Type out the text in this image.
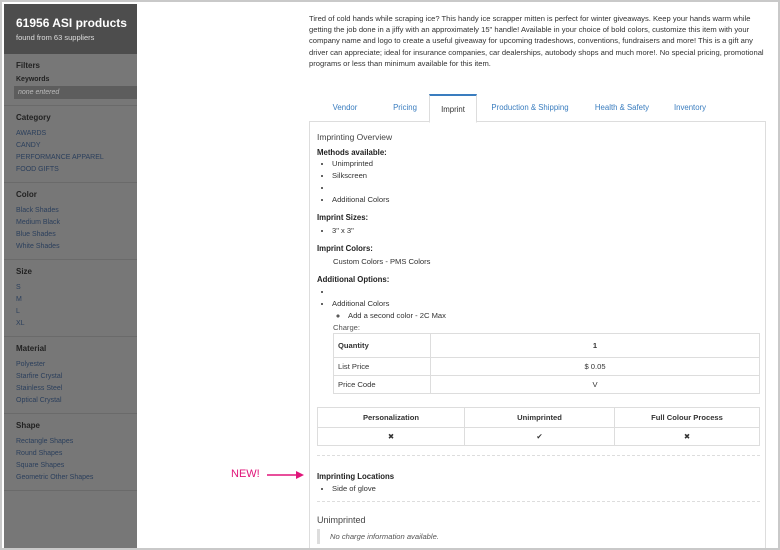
61956 ASI products
found from 63 suppliers
Filters
Keywords
none entered
Category
AWARDS
CANDY
PERFORMANCE APPAREL
FOOD GIFTS
Color
Black Shades
Medium Black
Blue Shades
White Shades
Size
S
M
L
XL
Material
Polyester
Starfire Crystal
Stainless Steel
Optical Crystal
Shape
Rectangle Shapes
Round Shapes
Square Shapes
Geometric Other Shapes
Tired of cold hands while scraping ice? This handy ice scrapper mitten is perfect for winter giveaways. Keep your hands warm while getting the job done in a jiffy with an approximately 15" handle! Available in your choice of bold colors, customize this item with your company name and logo to create a useful giveaway for upcoming tradeshows, conventions, fundraisers and more! This is a gift any driver can appreciate; ideal for insurance companies, car dealerships, autobody shops and much more!. No special pricing, promotional programs or less than minimum available for this item.
Vendor	Pricing	Imprint	Production & Shipping	Health & Safety	Inventory
Imprinting Overview
Methods available:
• Unimprinted
• Silkscreen
•
• Additional Colors
Imprint Sizes:
• 3" x 3"
Imprint Colors:
Custom Colors - PMS Colors
Additional Options:
•
• Additional Colors
◦ Add a second color - 2C Max
Charge:
Quantity	1
List Price	$ 0.05
Price Code	V
Personalization	Unimprinted	Full Colour Process
✖	✔	✖
Imprinting Locations
• Side of glove
Unimprinted
No charge information available.
NEW!
